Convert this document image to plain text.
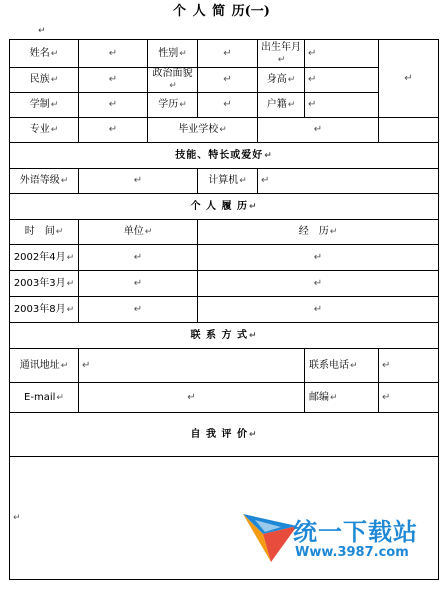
个 人 简 历(一)
↵
姓名↵	↵	性别↵	↵	出生年月↵	↵	↵
民族↵	↵	政治面貌↵	↵	身高↵	↵	
学制↵	↵	学历↵	↵	户籍↵	↵	
专业↵	↵	毕业学校↵		↵		
技能、特长或爱好↵						
外语等级↵	↵		计算机↵	↵		
个 人 履 历↵						
时　间↵	单位↵		经　历↵			
2002年4月↵	↵		↵			
2003年3月↵	↵		↵			
2003年8月↵	↵		↵			
联 系 方 式↵						
通讯地址↵	↵				联系电话↵	↵
E-mail↵	↵				邮编↵	↵
自 我 评 价↵						
↵							统一下载站
Www.3987.com
